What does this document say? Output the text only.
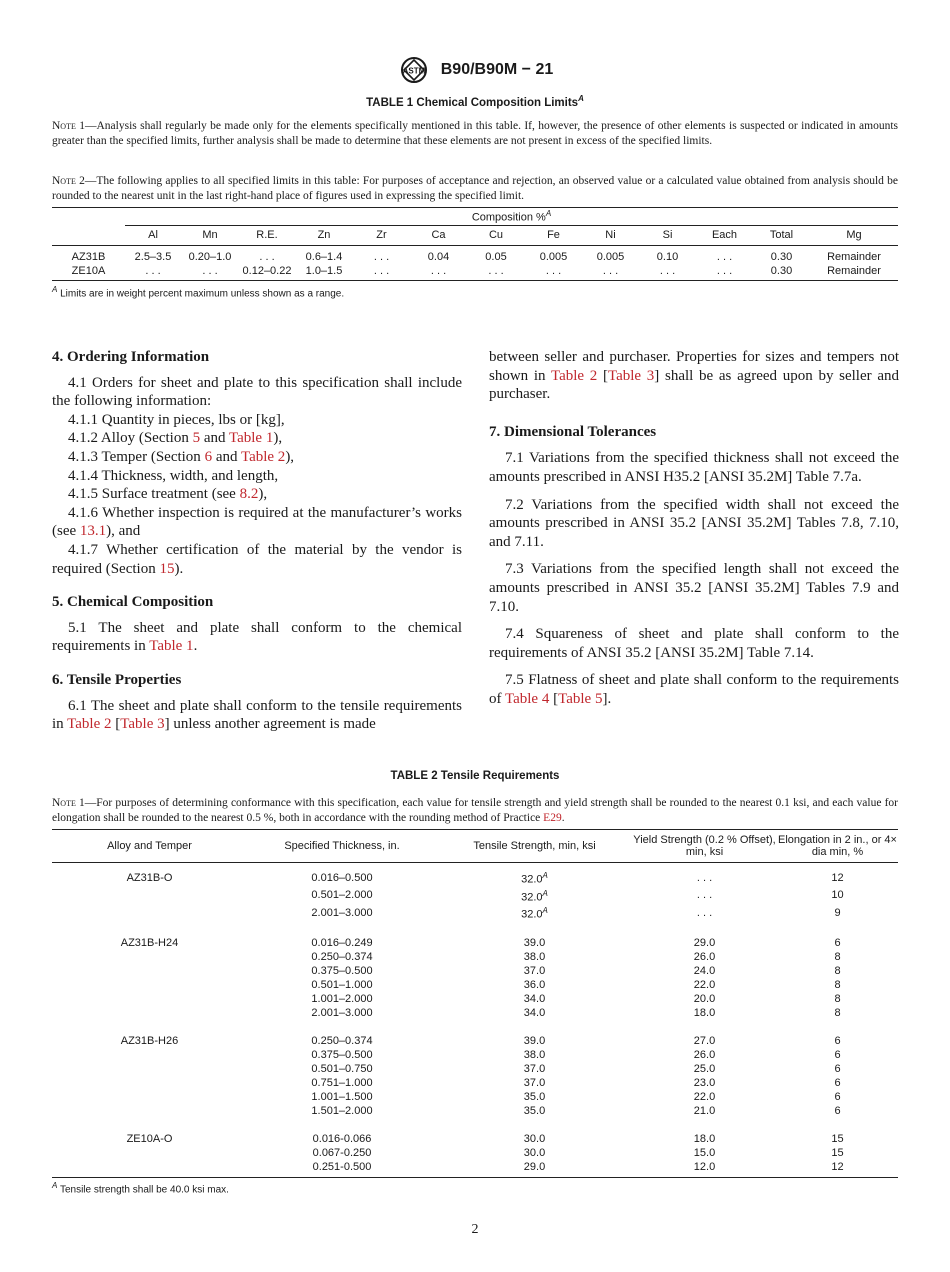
ASTM B90/B90M − 21
TABLE 1 Chemical Composition Limits$^A$
Note 1—Analysis shall regularly be made only for the elements specifically mentioned in this table. If, however, the presence of other elements is suspected or indicated in amounts greater than the specified limits, further analysis shall be made to determine that these elements are not present in excess of the specified limits.
Note 2—The following applies to all specified limits in this table: For purposes of acceptance and rejection, an observed value or a calculated value obtained from analysis should be rounded to the nearest unit in the last right-hand place of figures used in expressing the specified limit.
	Composition %$^A$
	Al	Mn	R.E.	Zn	Zr	Ca	Cu	Fe	Ni	Si	Each	Total	Mg
AZ31B	2.5–3.5	0.20–1.0	. . .	0.6–1.4	. . .	0.04	0.05	0.005	0.005	0.10	. . .	0.30	Remainder
ZE10A	. . .	. . .	0.12–0.22	1.0–1.5	. . .	. . .	. . .	. . .	. . .	. . .	. . .	0.30	Remainder

$^A$ Limits are in weight percent maximum unless shown as a range.
4. Ordering Information

4.1 Orders for sheet and plate to this specification shall include the following information:

4.1.1 Quantity in pieces, lbs or [kg],

4.1.2 Alloy (Section 5 and Table 1),

4.1.3 Temper (Section 6 and Table 2),

4.1.4 Thickness, width, and length,

4.1.5 Surface treatment (see 8.2),

4.1.6 Whether inspection is required at the manufacturer’s works (see 13.1), and

4.1.7 Whether certification of the material by the vendor is required (Section 15).

5. Chemical Composition

5.1 The sheet and plate shall conform to the chemical requirements in Table 1.

6. Tensile Properties

6.1 The sheet and plate shall conform to the tensile requirements in Table 2 [Table 3] unless another agreement is made

between seller and purchaser. Properties for sizes and tempers not shown in Table 2 [Table 3] shall be as agreed upon by seller and purchaser.

7. Dimensional Tolerances

7.1 Variations from the specified thickness shall not exceed the amounts prescribed in ANSI H35.2 [ANSI 35.2M] Table 7.7a.

7.2 Variations from the specified width shall not exceed the amounts prescribed in ANSI 35.2 [ANSI 35.2M] Tables 7.8, 7.10, and 7.11.

7.3 Variations from the specified length shall not exceed the amounts prescribed in ANSI 35.2 [ANSI 35.2M] Tables 7.9 and 7.10.

7.4 Squareness of sheet and plate shall conform to the requirements of ANSI 35.2 [ANSI 35.2M] Table 7.14.

7.5 Flatness of sheet and plate shall conform to the requirements of Table 4 [Table 5].

TABLE 2 Tensile Requirements
Note 1—For purposes of determining conformance with this specification, each value for tensile strength and yield strength shall be rounded to the nearest 0.1 ksi, and each value for elongation shall be rounded to the nearest 0.5 %, both in accordance with the rounding method of Practice E29.
Alloy and Temper	Specified Thickness, in.	Tensile Strength, min, ksi	Yield Strength (0.2 % Offset), min, ksi	Elongation in 2 in., or 4× dia min, %
AZ31B-O	0.016–0.500	$32.0^A$	. . .	12
	0.501–2.000	$32.0^A$	. . .	10
	2.001–3.000	$32.0^A$	. . .	9

AZ31B-H24	0.016–0.249	39.0	29.0	6
	0.250–0.374	38.0	26.0	8
	0.375–0.500	37.0	24.0	8
	0.501–1.000	36.0	22.0	8
	1.001–2.000	34.0	20.0	8
	2.001–3.000	34.0	18.0	8

AZ31B-H26	0.250–0.374	39.0	27.0	6
	0.375–0.500	38.0	26.0	6
	0.501–0.750	37.0	25.0	6
	0.751–1.000	37.0	23.0	6
	1.001–1.500	35.0	22.0	6
	1.501–2.000	35.0	21.0	6

ZE10A-O	0.016-0.066	30.0	18.0	15
	0.067-0.250	30.0	15.0	15
	0.251-0.500	29.0	12.0	12

$^A$ Tensile strength shall be 40.0 ksi max.
2
